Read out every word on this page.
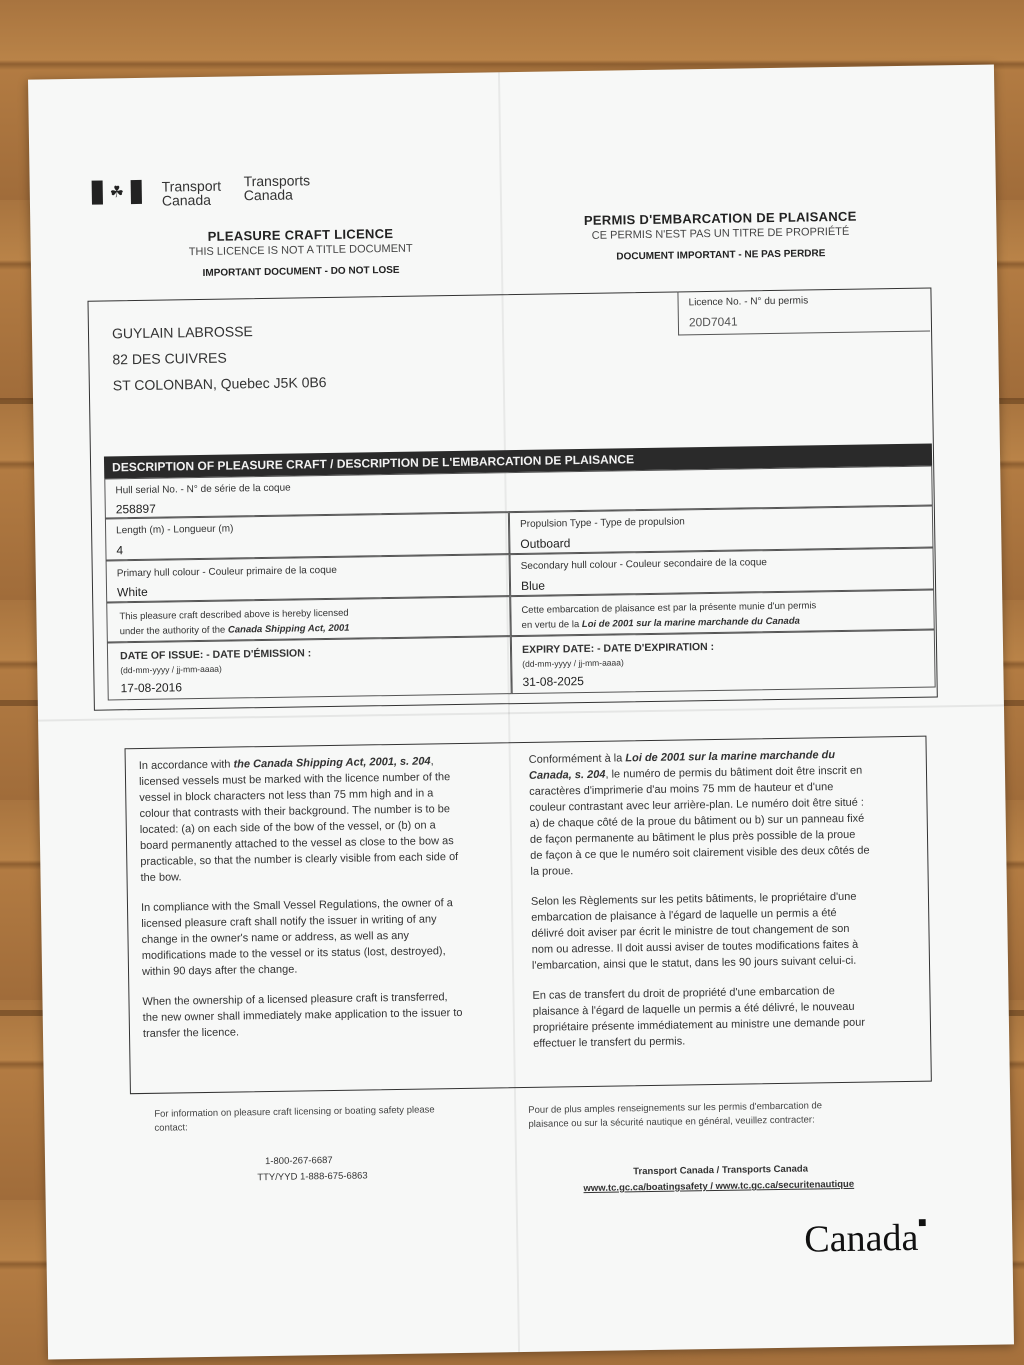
☘	Transport
Canada
Transports
Canada
PLEASURE CRAFT LICENCE
THIS LICENCE IS NOT A TITLE DOCUMENT
IMPORTANT DOCUMENT - DO NOT LOSE
PERMIS D'EMBARCATION DE PLAISANCE
CE PERMIS N'EST PAS UN TITRE DE PROPRIÉTÉ
DOCUMENT IMPORTANT - NE PAS PERDRE
Licence No. - N° du permis
20D7041
GUYLAIN LABROSSE
82 DES CUIVRES
ST COLONBAN, Quebec J5K 0B6
DESCRIPTION OF PLEASURE CRAFT / DESCRIPTION DE L'EMBARCATION DE PLAISANCE
Hull serial No. - N° de série de la coque
258897
Length (m) - Longueur (m)
4
Propulsion Type - Type de propulsion
Outboard
Primary hull colour - Couleur primaire de la coque
White
Secondary hull colour - Couleur secondaire de la coque
Blue
This pleasure craft described above is hereby licensed
under the authority of the Canada Shipping Act, 2001
Cette embarcation de plaisance est par la présente munie d'un permis
en vertu de la Loi de 2001 sur la marine marchande du Canada
DATE OF ISSUE: - DATE D'ÉMISSION :
(dd-mm-yyyy / jj-mm-aaaa)
17-08-2016
EXPIRY DATE: - DATE D'EXPIRATION :
(dd-mm-yyyy / jj-mm-aaaa)
31-08-2025

In accordance with the Canada Shipping Act, 2001, s. 204, licensed vessels must be marked with the licence number of the vessel in block characters not less than 75 mm high and in a colour that contrasts with their background. The number is to be located: (a) on each side of the bow of the vessel, or (b) on a board permanently attached to the vessel as close to the bow as practicable, so that the number is clearly visible from each side of the bow.

In compliance with the Small Vessel Regulations, the owner of a licensed pleasure craft shall notify the issuer in writing of any change in the owner's name or address, as well as any modifications made to the vessel or its status (lost, destroyed), within 90 days after the change.

When the ownership of a licensed pleasure craft is transferred, the new owner shall immediately make application to the issuer to transfer the licence.

Conformément à la Loi de 2001 sur la marine marchande du Canada, s. 204, le numéro de permis du bâtiment doit être inscrit en caractères d'imprimerie d'au moins 75 mm de hauteur et d'une couleur contrastant avec leur arrière-plan. Le numéro doit être situé : a) de chaque côté de la proue du bâtiment ou b) sur un panneau fixé de façon permanente au bâtiment le plus près possible de la proue de façon à ce que le numéro soit clairement visible des deux côtés de la proue.

Selon les Règlements sur les petits bâtiments, le propriétaire d'une embarcation de plaisance à l'égard de laquelle un permis a été délivré doit aviser par écrit le ministre de tout changement de son nom ou adresse. Il doit aussi aviser de toutes modifications faites à l'embarcation, ainsi que le statut, dans les 90 jours suivant celui-ci.

En cas de transfert du droit de propriété d'une embarcation de plaisance à l'égard de laquelle un permis a été délivré, le nouveau propriétaire présente immédiatement au ministre une demande pour effectuer le transfert du permis.

For information on pleasure craft licensing or boating safety please contact:
1-800-267-6687
TTY/YYD 1-888-675-6863
Pour de plus amples renseignements sur les permis d'embarcation de plaisance ou sur la sécurité nautique en général, veuillez contracter:
Transport Canada / Transports Canada
www.tc.gc.ca/boatingsafety / www.tc.gc.ca/securitenautique
Canada■
